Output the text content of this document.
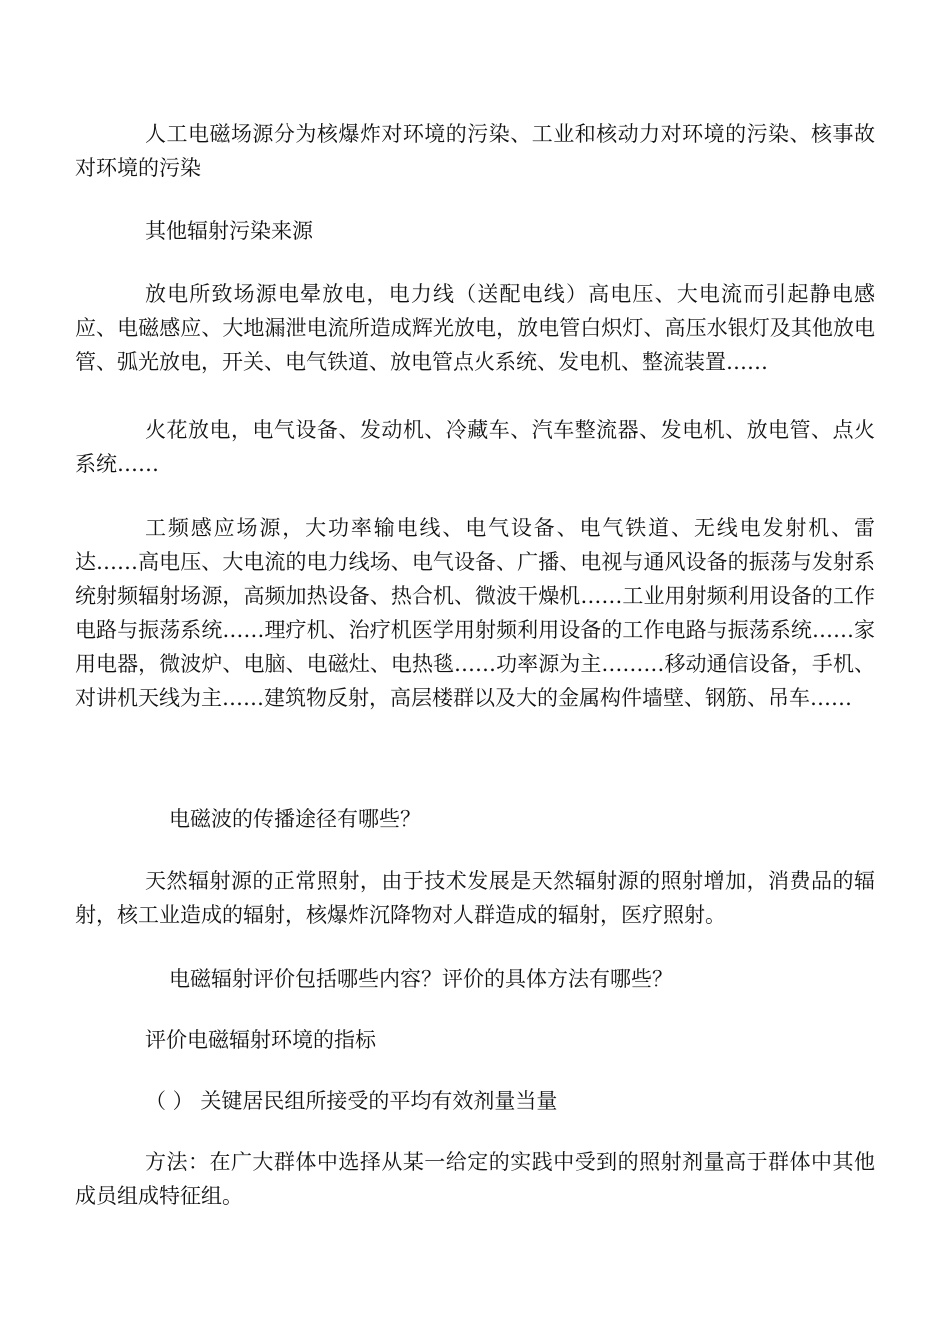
人工电磁场源分为核爆炸对环境的污染、工业和核动力对环境的污染、核事故对环境的污染

其他辐射污染来源

放电所致场源电晕放电，电力线（送配电线）高电压、大电流而引起静电感应、电磁感应、大地漏泄电流所造成辉光放电，放电管白炽灯、高压水银灯及其他放电管、弧光放电，开关、电气铁道、放电管点火系统、发电机、整流装置……

火花放电，电气设备、发动机、冷藏车、汽车整流器、发电机、放电管、点火系统……

工频感应场源，大功率输电线、电气设备、电气铁道、无线电发射机、雷达……高电压、大电流的电力线场、电气设备、广播、电视与通风设备的振荡与发射系统射频辐射场源，高频加热设备、热合机、微波干燥机……工业用射频利用设备的工作电路与振荡系统……理疗机、治疗机医学用射频利用设备的工作电路与振荡系统……家用电器，微波炉、电脑、电磁灶、电热毯……功率源为主………移动通信设备，手机、对讲机天线为主……建筑物反射，高层楼群以及大的金属构件墙壁、钢筋、吊车……

电磁波的传播途径有哪些？

天然辐射源的正常照射，由于技术发展是天然辐射源的照射增加，消费品的辐射，核工业造成的辐射，核爆炸沉降物对人群造成的辐射，医疗照射。

电磁辐射评价包括哪些内容？评价的具体方法有哪些？

评价电磁辐射环境的指标

（ ） 关键居民组所接受的平均有效剂量当量

方法：在广大群体中选择从某一给定的实践中受到的照射剂量高于群体中其他成员组成特征组。
